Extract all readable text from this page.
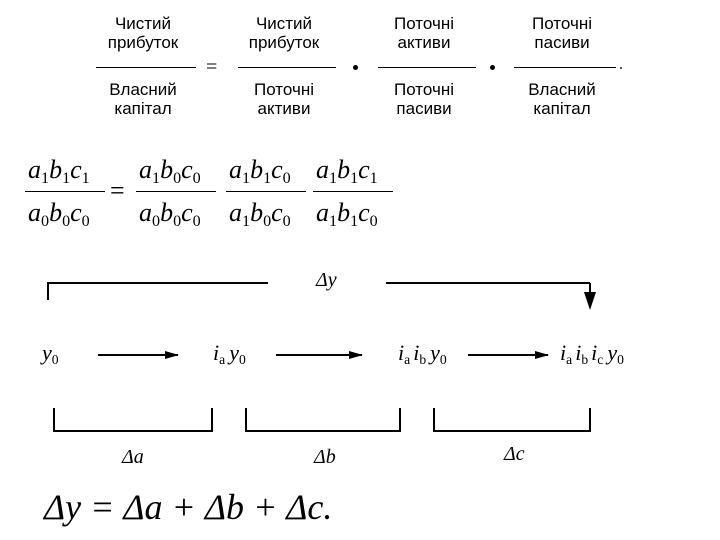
Чистий
прибуток
Власний
капітал
=
Чистий
прибуток
Поточні
активи
Поточні
активи
Поточні
пасиви
Поточні
пасиви
Власний
капітал
.
$a_1b_1c_1$
$a_0b_0c_0$
=
$a_1b_0c_0$
$a_0b_0c_0$
$a_1b_1c_0$
$a_1b_0c_0$
$a_1b_1c_1$
$a_1b_1c_0$
Δy
$y_0$	$i_a$ $y_0$	$i_a$ $i_b$ $y_0$	$i_a$ $i_b$ $i_c$ $y_0$
Δa	Δb	Δc
Δy = Δa + Δb + Δc.
